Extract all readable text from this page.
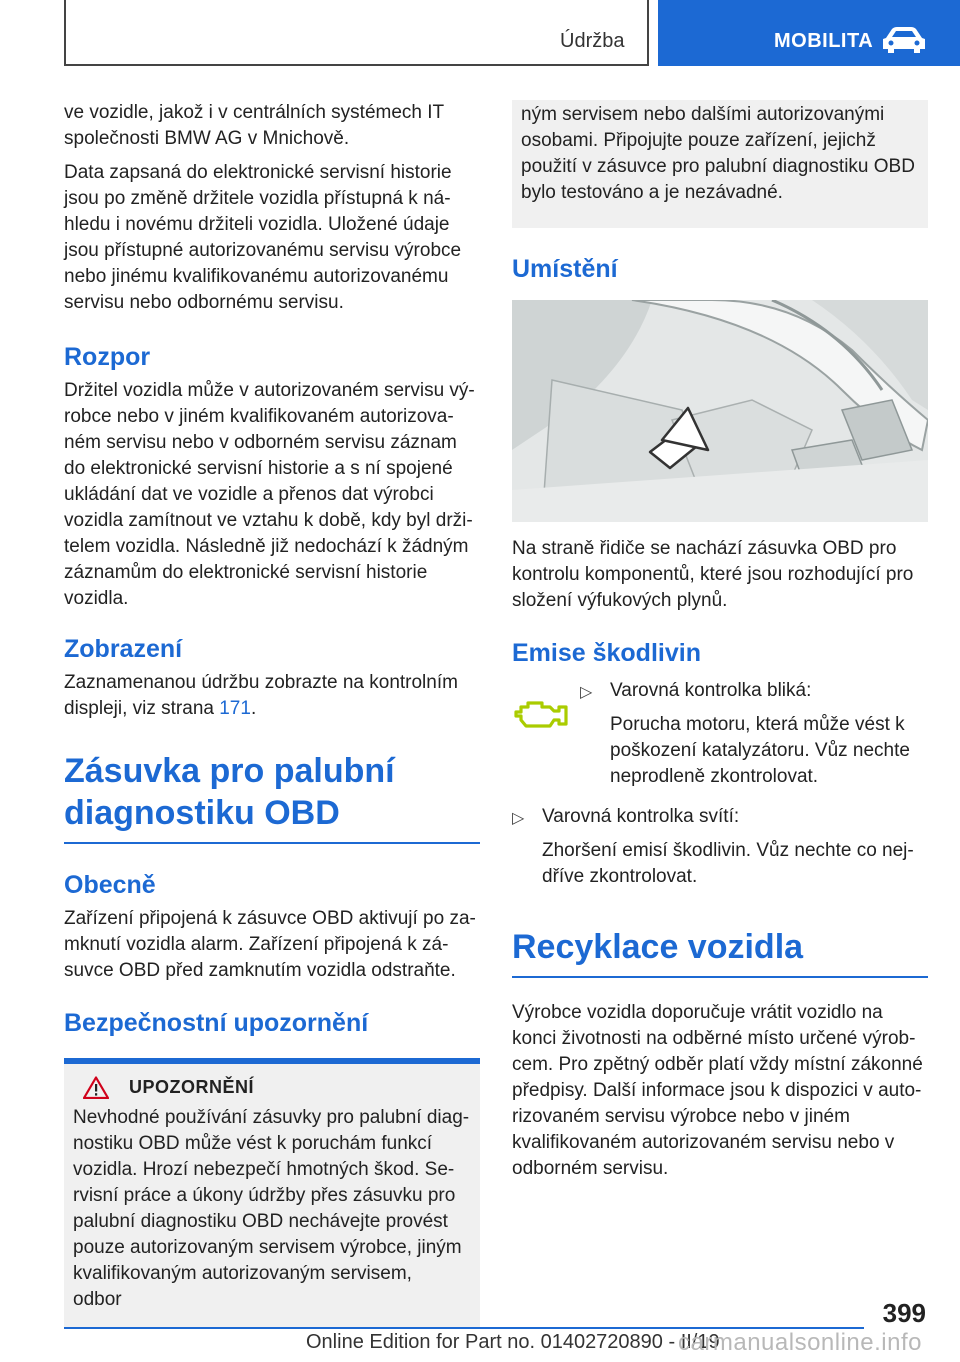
Údržba	MOBILITA

ve vozidle, jakož i v centrálních systémech IT společnosti BMW AG v Mnichově.

Data zapsaná do elektronické servisní historie jsou po změně držitele vozidla přístupná k náhledu i novému držiteli vozidla. Uložené údaje jsou přístupné autorizovanému servisu výrobce nebo jinému kvalifikovanému autorizovanému servisu nebo odbornému servisu.

Rozpor

Držitel vozidla může v autorizovaném servisu výrobce nebo v jiném kvalifikovaném autorizovaném servisu nebo v odborném servisu záznam do elektronické servisní historie a s ní spojené ukládání dat ve vozidle a přenos dat výrobci vozidla zamítnout ve vztahu k době, kdy byl držitelem vozidla. Následně již nedochází k žádným záznamům do elektronické servisní historie vozidla.

Zobrazení

Zaznamenanou údržbu zobrazte na kontrolním displeji, viz strana 171.

Zásuvka pro palubní diagnostiku OBD
Obecně

Zařízení připojená k zásuvce OBD aktivují po zamknutí vozidla alarm. Zařízení připojená k zásuvce OBD před zamknutím vozidla odstraňte.

Bezpečnostní upozornění
UPOZORNĚNÍ

Nevhodné používání zásuvky pro palubní diagnostiku OBD může vést k poruchám funkcí vozidla. Hrozí nebezpečí hmotných škod. Servisní práce a úkony údržby přes zásuvku pro palubní diagnostiku OBD nechávejte provést pouze autorizovaným servisem výrobce, jiným kvalifikovaným autorizovaným servisem, odbor

ným servisem nebo dalšími autorizovanými osobami. Připojujte pouze zařízení, jejichž použití v zásuvce pro palubní diagnostiku OBD bylo testováno a je nezávadné.

Umístění

Na straně řidiče se nachází zásuvka OBD pro kontrolu komponentů, které jsou rozhodující pro složení výfukových plynů.

Emise škodlivin
▷ Varovná kontrolka bliká:

Porucha motoru, která může vést k poškození katalyzátoru. Vůz nechte neprodleně zkontrolovat.

▷ Varovná kontrolka svítí:

Zhoršení emisí škodlivin. Vůz nechte co nejdříve zkontrolovat.

Recyklace vozidla

Výrobce vozidla doporučuje vrátit vozidlo na konci životnosti na odběrné místo určené výrobcem. Pro zpětný odběr platí vždy místní zákonné předpisy. Další informace jsou k dispozici v autorizovaném servisu výrobce nebo v jiném kvalifikovaném autorizovaném servisu nebo v odborném servisu.

399
Online Edition for Part no. 01402720890 - II/19
carmanualsonline.info
